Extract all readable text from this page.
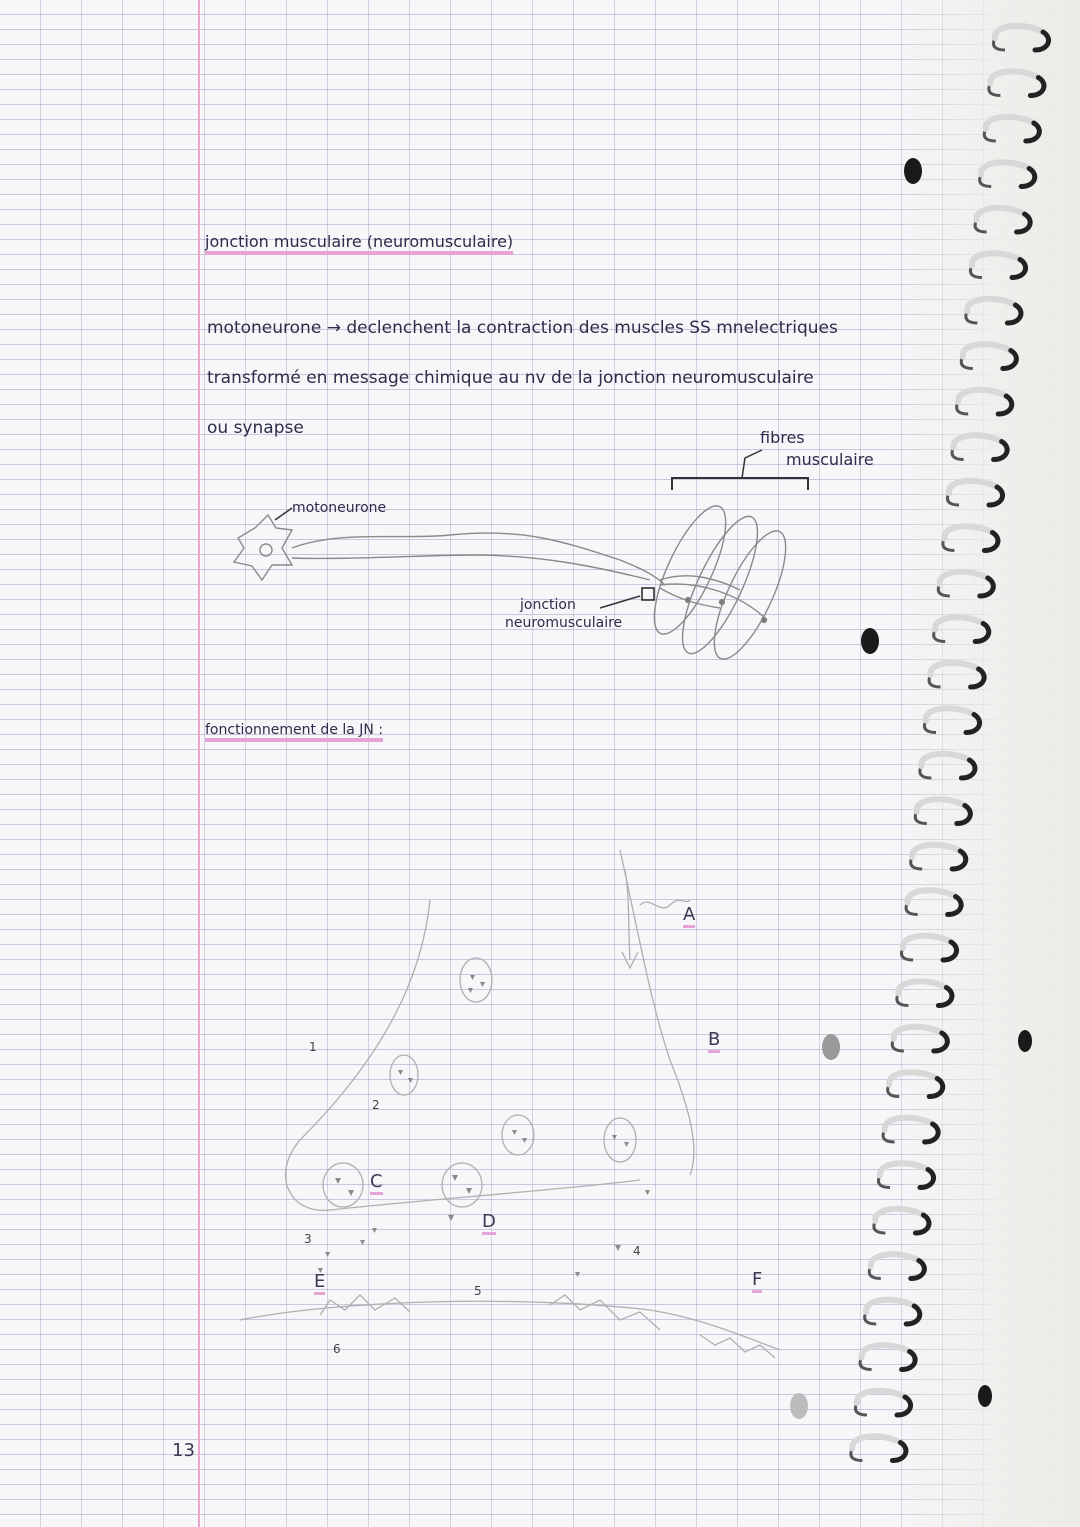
jonction musculaire (neuromusculaire)
motoneurone → declenchent la contraction des muscles SS mnelectriques
transformé en message chimique au nv de la jonction neuromusculaire
ou synapse	fibres
musculaire
motoneurone
jonction
neuromusculaire
fonctionnement de la JN :
13
A
B
C
D
E	F
1
2
3
4
5
6
